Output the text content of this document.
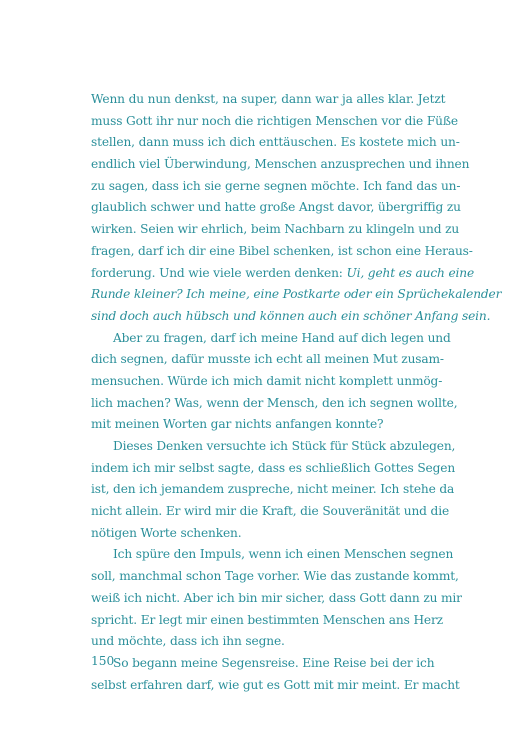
Wenn du nun denkst, na super, dann war ja alles klar. Jetzt
muss Gott ihr nur noch die richtigen Menschen vor die Füße
stellen, dann muss ich dich enttäuschen. Es kostete mich un-
endlich viel Überwindung, Menschen anzusprechen und ihnen
zu sagen, dass ich sie gerne segnen möchte. Ich fand das un-
glaublich schwer und hatte große Angst davor, übergriffig zu
wirken. Seien wir ehrlich, beim Nachbarn zu klingeln und zu
fragen, darf ich dir eine Bibel schenken, ist schon eine Heraus-
forderung. Und wie viele werden denken: Ui, geht es auch eine
Runde kleiner? Ich meine, eine Postkarte oder ein Sprüchekalender
sind doch auch hübsch und können auch ein schöner Anfang sein.
Aber zu fragen, darf ich meine Hand auf dich legen und
dich segnen, dafür musste ich echt all meinen Mut zusam-
mensuchen. Würde ich mich damit nicht komplett unmög-
lich machen? Was, wenn der Mensch, den ich segnen wollte,
mit meinen Worten gar nichts anfangen konnte?
Dieses Denken versuchte ich Stück für Stück abzulegen,
indem ich mir selbst sagte, dass es schließlich Gottes Segen
ist, den ich jemandem zuspreche, nicht meiner. Ich stehe da
nicht allein. Er wird mir die Kraft, die Souveränität und die
nötigen Worte schenken.
Ich spüre den Impuls, wenn ich einen Menschen segnen
soll, manchmal schon Tage vorher. Wie das zustande kommt,
weiß ich nicht. Aber ich bin mir sicher, dass Gott dann zu mir
spricht. Er legt mir einen bestimmten Menschen ans Herz
und möchte, dass ich ihn segne.
So begann meine Segensreise. Eine Reise bei der ich
selbst erfahren darf, wie gut es Gott mit mir meint. Er macht
150
